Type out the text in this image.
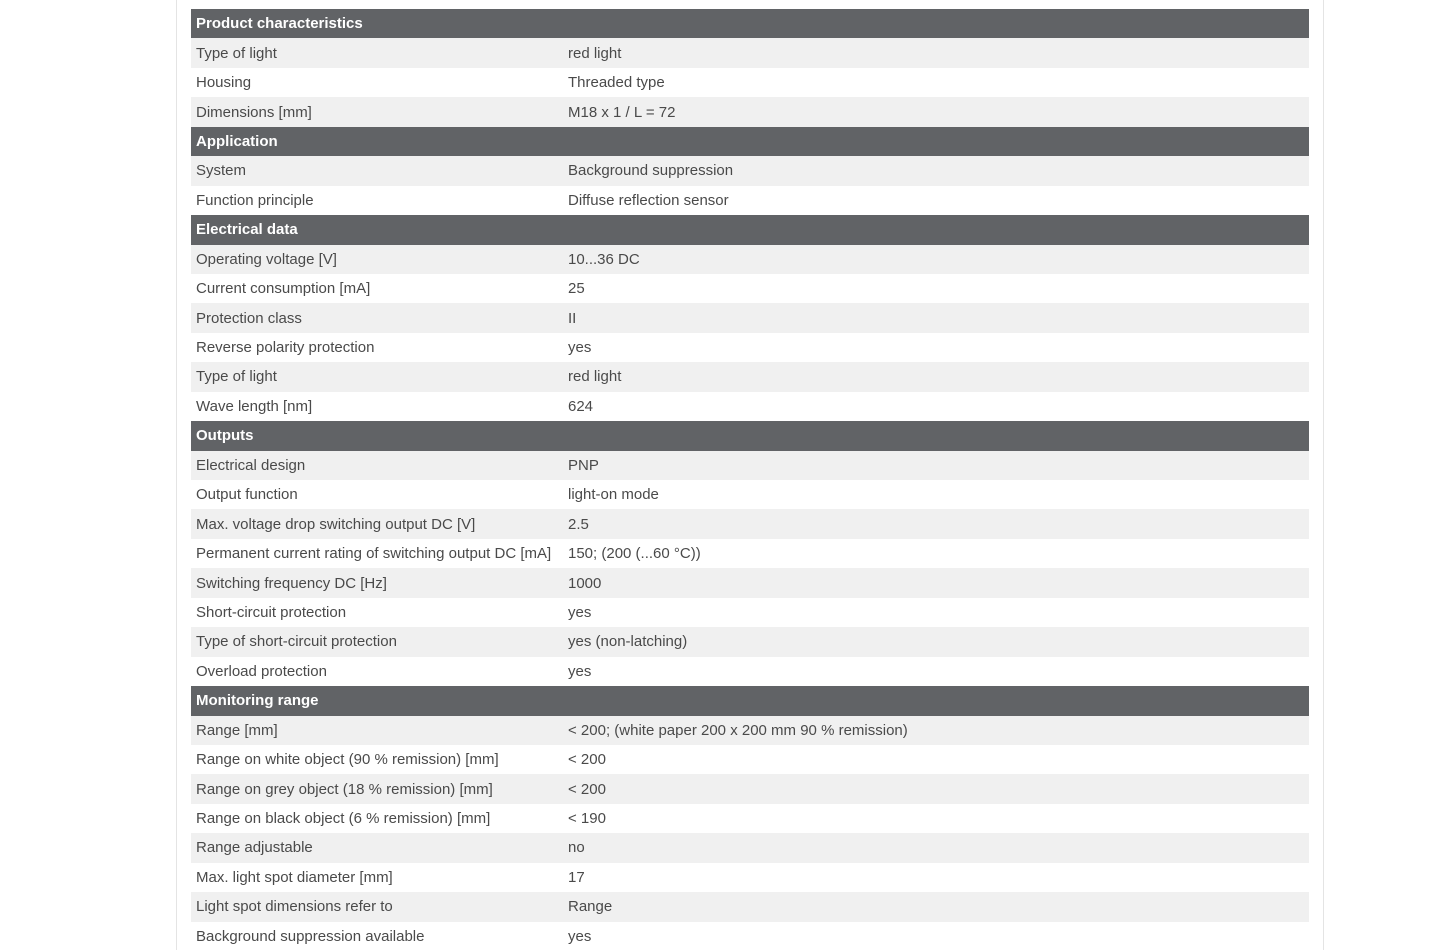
Product characteristics
Type of light	red light
Housing	Threaded type
Dimensions [mm]	M18 x 1 / L = 72
Application
System	Background suppression
Function principle	Diffuse reflection sensor
Electrical data
Operating voltage [V]	10...36 DC
Current consumption [mA]	25
Protection class	II
Reverse polarity protection	yes
Type of light	red light
Wave length [nm]	624
Outputs
Electrical design	PNP
Output function	light-on mode
Max. voltage drop switching output DC [V]	2.5
Permanent current rating of switching output DC [mA]	150; (200 (...60 °C))
Switching frequency DC [Hz]	1000
Short-circuit protection	yes
Type of short-circuit protection	yes (non-latching)
Overload protection	yes
Monitoring range
Range [mm]	< 200; (white paper 200 x 200 mm 90 % remission)
Range on white object (90 % remission) [mm]	< 200
Range on grey object (18 % remission) [mm]	< 200
Range on black object (6 % remission) [mm]	< 190
Range adjustable	no
Max. light spot diameter [mm]	17
Light spot dimensions refer to	Range
Background suppression available	yes
